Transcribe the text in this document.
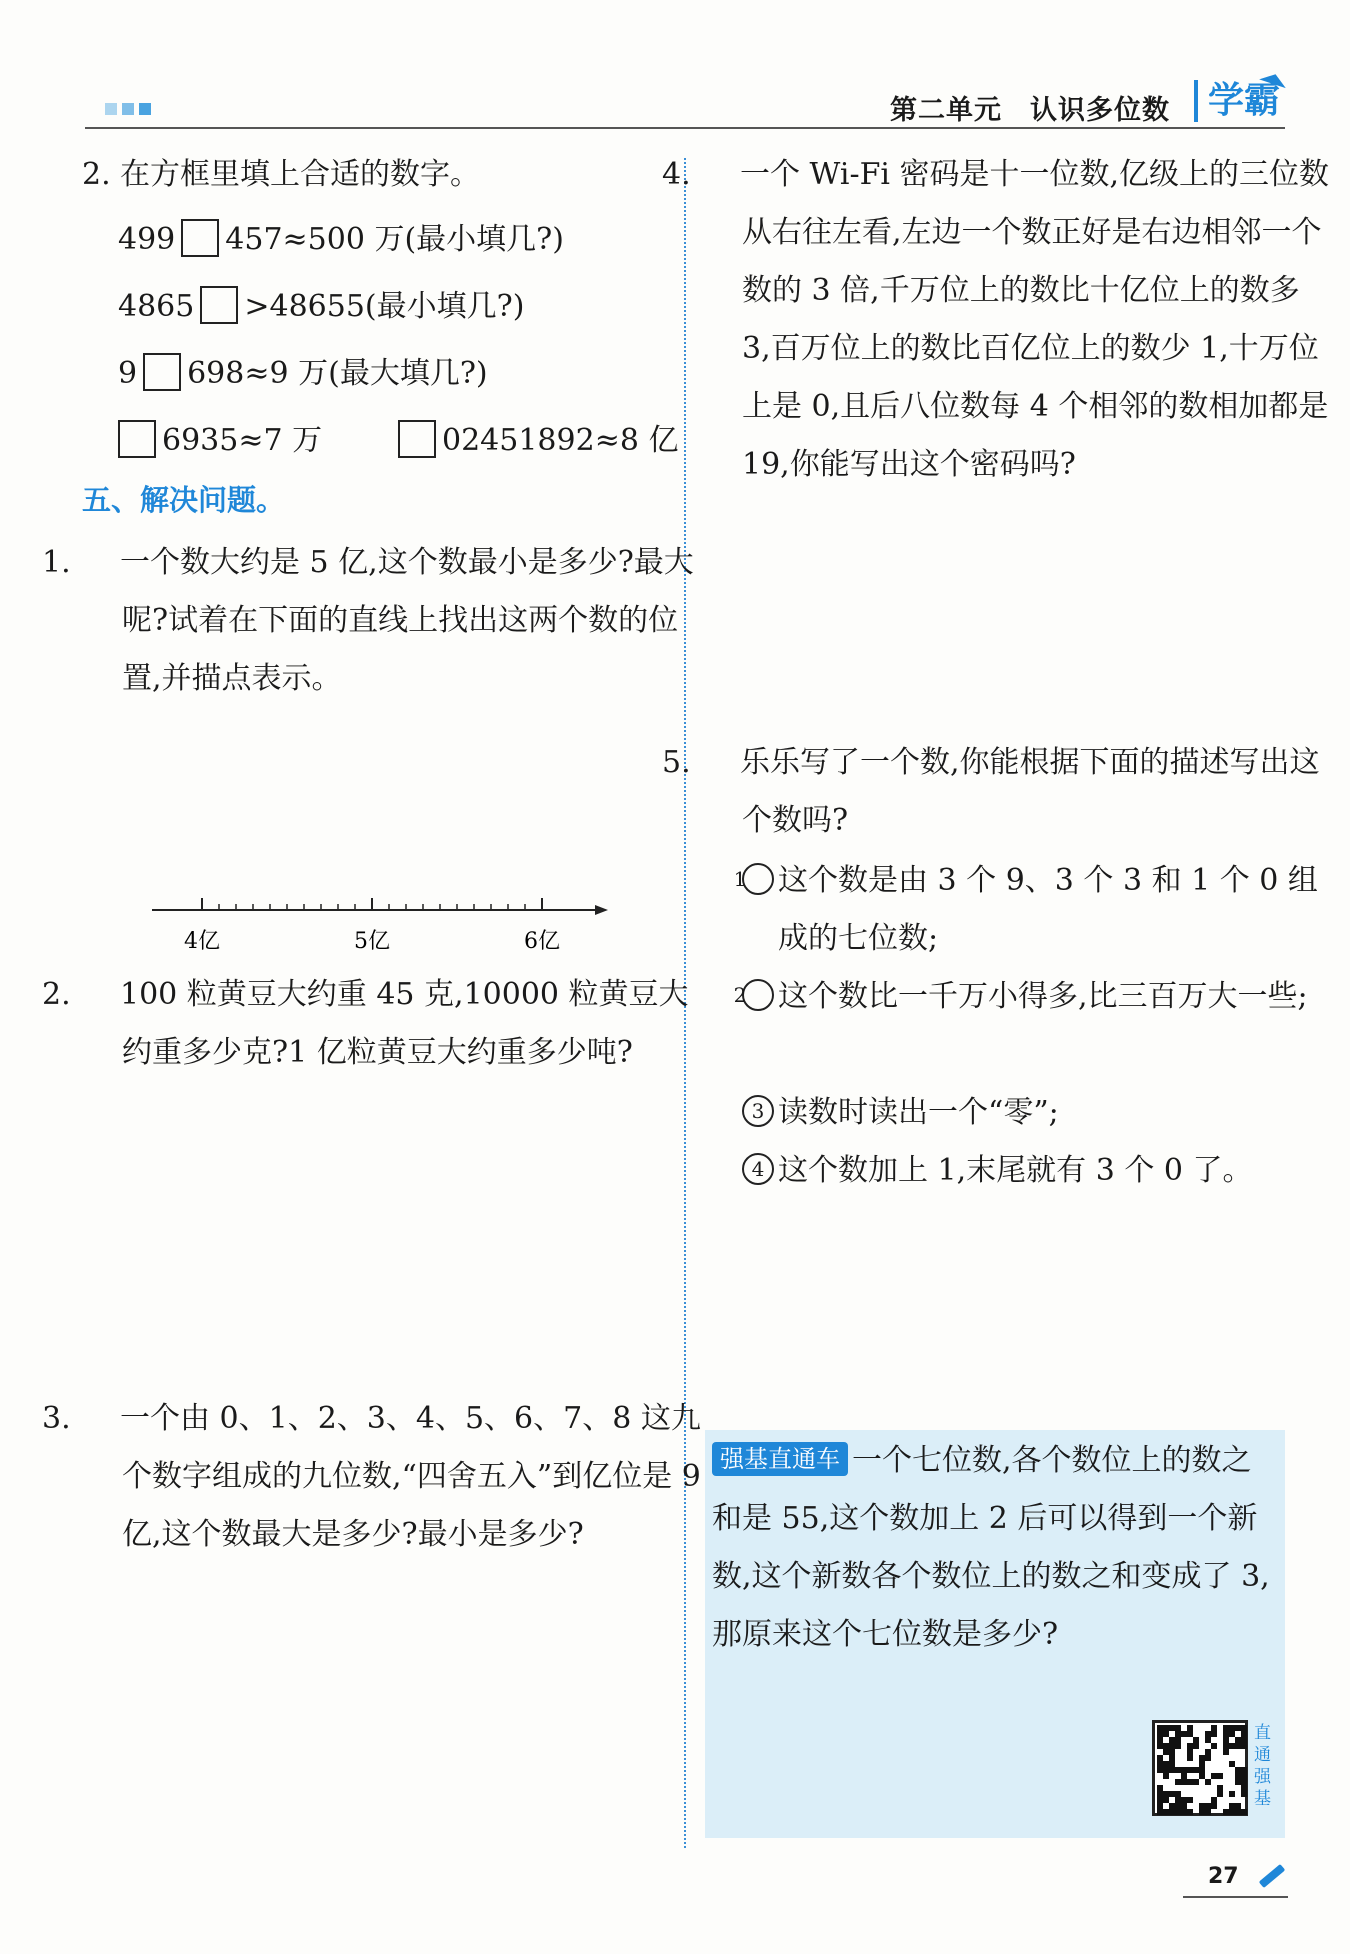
第二单元 认识多位数	学霸
2. 在方框里填上合适的数字。
499 457≈500 万(最小填几?)
4865 >48655(最小填几?)
9 698≈9 万(最大填几?)
6935≈7 万	02451892≈8 亿
五、解决问题。
1. 一个数大约是 5 亿,这个数最小是多少?最大呢?试着在下面的直线上找出这两个数的位置,并描点表示。
4亿	5亿	6亿
2. 100 粒黄豆大约重 45 克,10000 粒黄豆大约重多少克?1 亿粒黄豆大约重多少吨?
3. 一个由 0、1、2、3、4、5、6、7、8 这九个数字组成的九位数,“四舍五入”到亿位是 9 亿,这个数最大是多少?最小是多少?
4. 一个 Wi-Fi 密码是十一位数,亿级上的三位数从右往左看,左边一个数正好是右边相邻一个数的 3 倍,千万位上的数比十亿位上的数多 3,百万位上的数比百亿位上的数少 1,十万位上是 0,且后八位数每 4 个相邻的数相加都是 19,你能写出这个密码吗?
5. 乐乐写了一个数,你能根据下面的描述写出这个数吗?
1 这个数是由 3 个 9、3 个 3 和 1 个 0 组成的七位数;
2 这个数比一千万小得多,比三百万大一些;
3 读数时读出一个“零”;
4 这个数加上 1,末尾就有 3 个 0 了。
强基直通车 一个七位数,各个数位上的数之和是 55,这个数加上 2 后可以得到一个新数,这个新数各个数位上的数之和变成了 3,那原来这个七位数是多少?
直通强基
27
